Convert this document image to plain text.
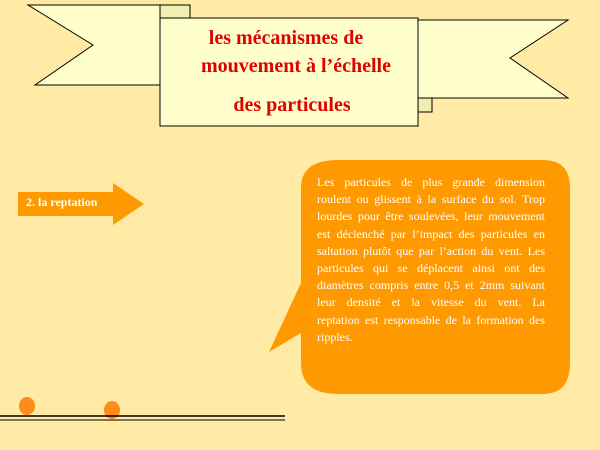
les mécanismes de
mouvement à l’échelle
des particules
2. la reptation
Les particules de plus grande dimension roulent ou glissent à la surface du sol. Trop lourdes pour être soulevées, leur mouvement est déclenché par l’impact des particules en saltation plutôt que par l’action du vent. Les particules qui se déplacent ainsi ont des diamètres compris entre 0,5 et 2mm suivant leur densité et la vitesse du vent. La reptation est responsable de la formation des ripples.
